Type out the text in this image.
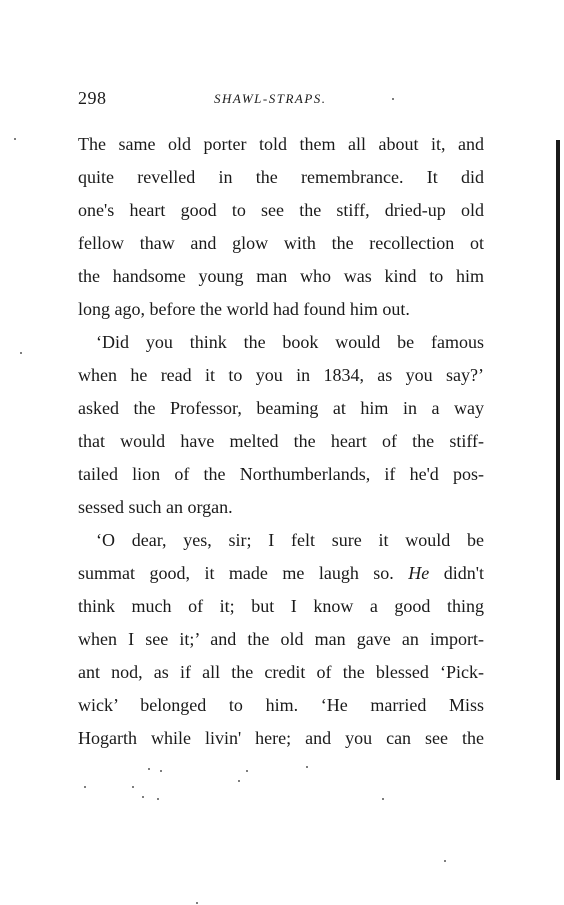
298	SHAWL-STRAPS.
The same old porter told them all about it, and
quite revelled in the remembrance. It did
one's heart good to see the stiff, dried-up old
fellow thaw and glow with the recollection ot
the handsome young man who was kind to him
long ago, before the world had found him out.
‘Did you think the book would be famous
when he read it to you in 1834, as you say?’
asked the Professor, beaming at him in a way
that would have melted the heart of the stiff-
tailed lion of the Northumberlands, if he'd pos-
sessed such an organ.
‘O dear, yes, sir; I felt sure it would be
summat good, it made me laugh so. He didn't
think much of it; but I know a good thing
when I see it;’ and the old man gave an import-
ant nod, as if all the credit of the blessed ‘Pick-
wick’ belonged to him. ‘He married Miss
Hogarth while livin' here; and you can see the
